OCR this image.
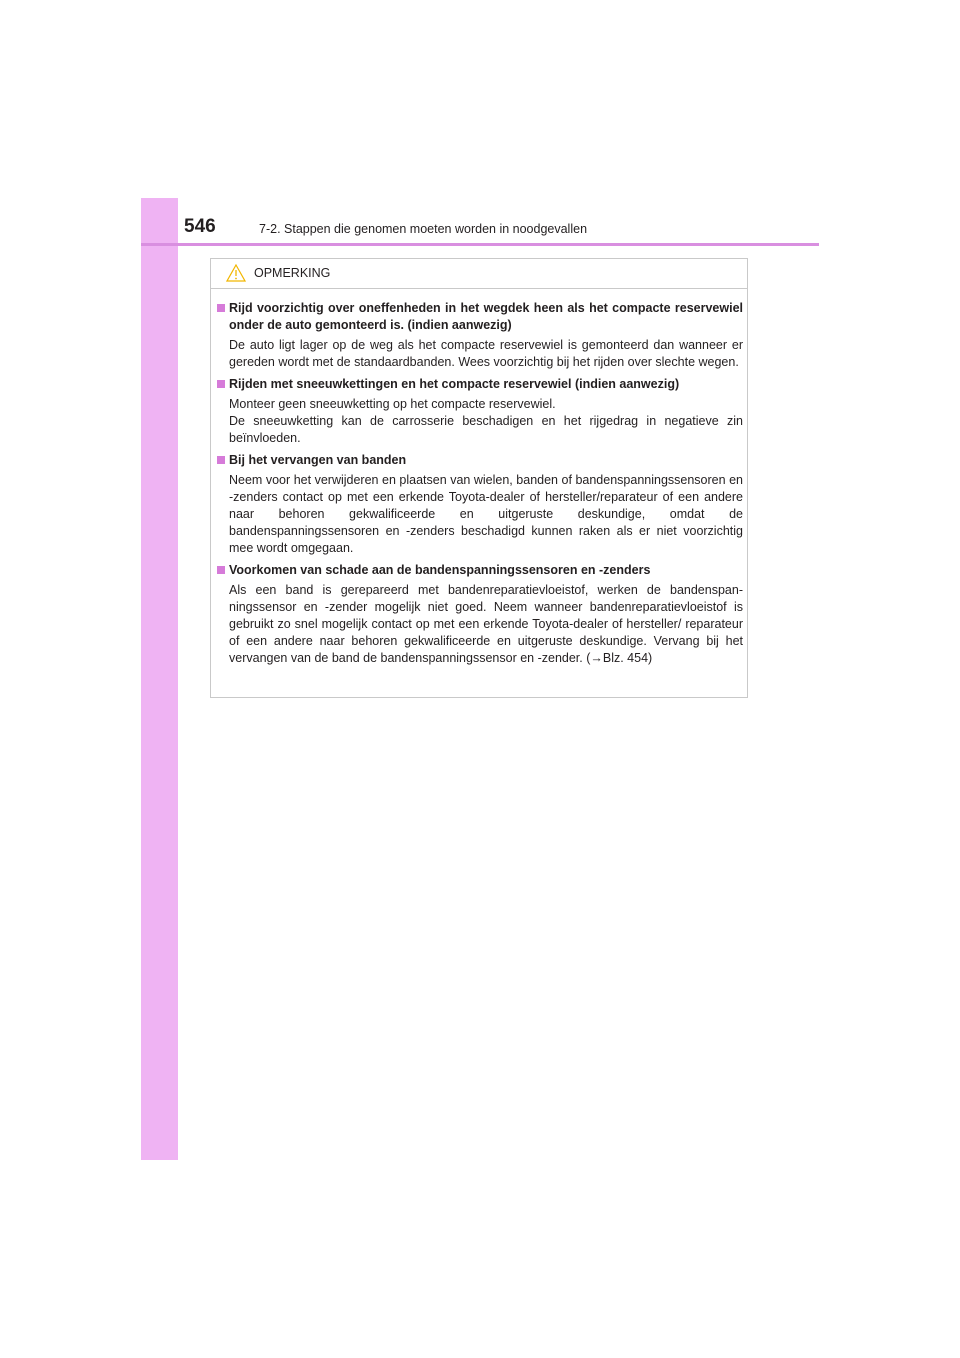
546	7-2. Stappen die genomen moeten worden in noodgevallen
OPMERKING
Rijd voorzichtig over oneffenheden in het wegdek heen als het compacte reservewiel onder de auto gemonteerd is. (indien aanwezig)

De auto ligt lager op de weg als het compacte reservewiel is gemonteerd dan wanneer er gereden wordt met de standaardbanden. Wees voorzichtig bij het rijden over slechte wegen.

Rijden met sneeuwkettingen en het compacte reservewiel (indien aanwezig)

Monteer geen sneeuwketting op het compacte reservewiel.

De sneeuwketting kan de carrosserie beschadigen en het rijgedrag in negatieve zin beïnvloeden.

Bij het vervangen van banden

Neem voor het verwijderen en plaatsen van wielen, banden of bandenspanningssensoren en -zenders contact op met een erkende Toyota-dealer of hersteller/reparateur of een andere naar behoren gekwalificeerde en uitgeruste deskundige, omdat de bandenspanningssensoren en -zenders beschadigd kunnen raken als er niet voorzichtig mee wordt omgegaan.

Voorkomen van schade aan de bandenspanningssensoren en -zenders

Als een band is gerepareerd met bandenreparatievloeistof, werken de bandenspanningssensor en -zender mogelijk niet goed. Neem wanneer bandenreparatievloeistof is gebruikt zo snel mogelijk contact op met een erkende Toyota-dealer of hersteller/ reparateur of een andere naar behoren gekwalificeerde en uitgeruste deskundige. Vervang bij het vervangen van de band de bandenspanningssensor en -zender. (→Blz. 454)
